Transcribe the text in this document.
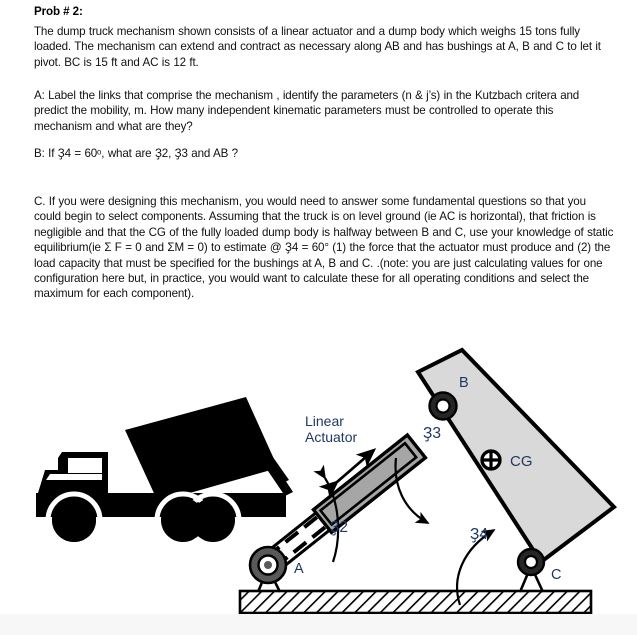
Prob # 2:
The dump truck mechanism shown consists of a linear actuator and a dump body which weighs 15 tons fully loaded. The mechanism can extend and contract as necessary along AB and has bushings at A, B and C to let it pivot. BC is 15 ft and AC is 12 ft.
A: Label the links that comprise the mechanism , identify the parameters (n & j’s) in the Kutzbach critera and predict the mobility, m. How many independent kinematic parameters must be controlled to operate this mechanism and what are they?
B: If Ҙ4 = 60ᵒ, what are Ҙ2, Ҙ3 and AB ?
C. If you were designing this mechanism, you would need to answer some fundamental questions so that you could begin to select components. Assuming that the truck is on level ground (ie AC is horizontal), that friction is negligible and that the CG of the fully loaded dump body is halfway between B and C, use your knowledge of static equilibrium(ie Σ F = 0 and ΣM = 0) to estimate @ Ҙ4 = 60° (1) the force that the actuator must produce and (2) the load capacity that must be specified for the bushings at A, B and C. .(note: you are just calculating values for one configuration here but, in practice, you would want to calculate these for all operating conditions and select the maximum for each component).
A
B
C
CG
Linear
Actuator
Ҙ2
Ҙ3
Ҙ4
